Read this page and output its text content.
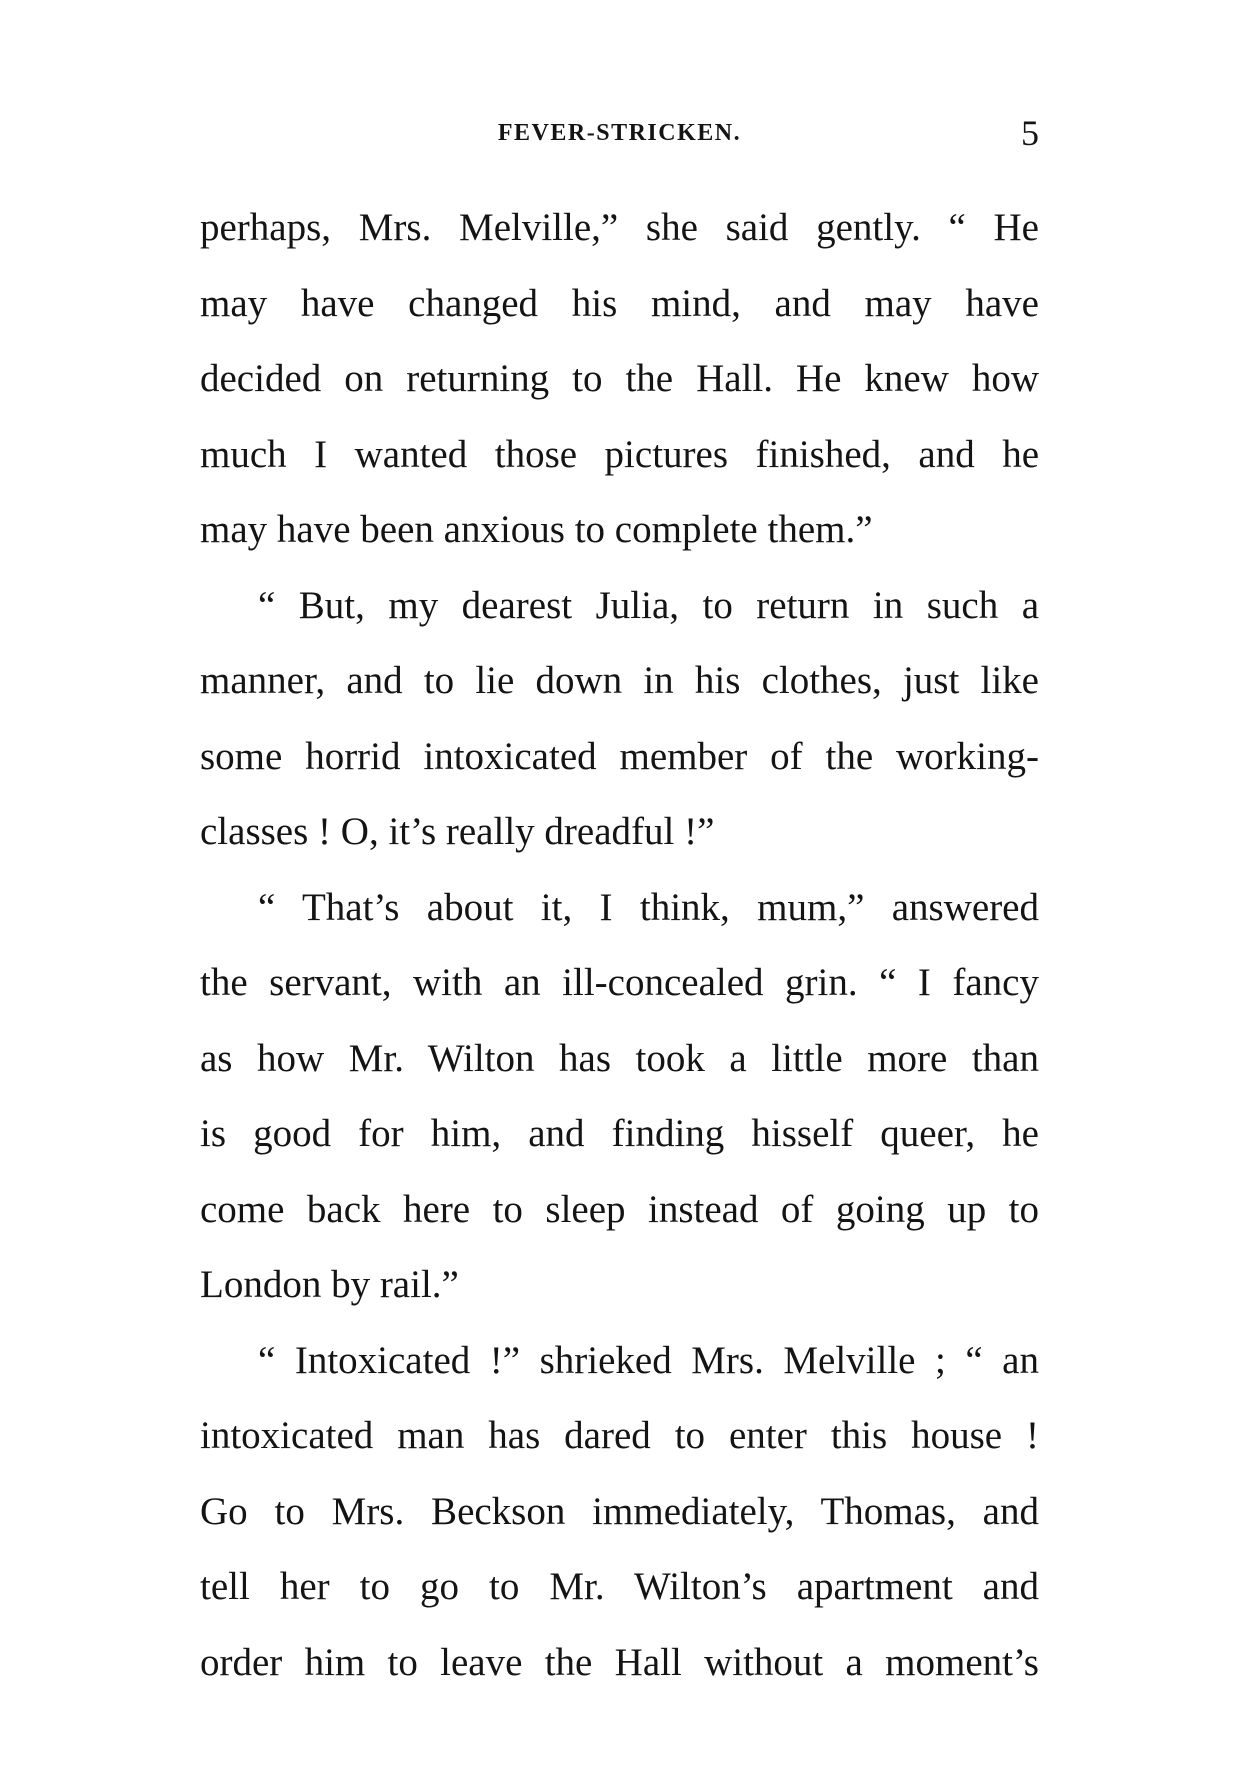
FEVER-STRICKEN.	5
perhaps, Mrs. Melville,” she said gently. “ He
may have changed his mind, and may have
decided on returning to the Hall. He knew how
much I wanted those pictures finished, and he
may have been anxious to complete them.”
“ But, my dearest Julia, to return in such a
manner, and to lie down in his clothes, just like
some horrid intoxicated member of the working-
classes ! O, it’s really dreadful !”
“ That’s about it, I think, mum,” answered
the servant, with an ill-concealed grin. “ I fancy
as how Mr. Wilton has took a little more than
is good for him, and finding hisself queer, he
come back here to sleep instead of going up to
London by rail.”
“ Intoxicated !” shrieked Mrs. Melville ; “ an
intoxicated man has dared to enter this house !
Go to Mrs. Beckson immediately, Thomas, and
tell her to go to Mr. Wilton’s apartment and
order him to leave the Hall without a moment’s
